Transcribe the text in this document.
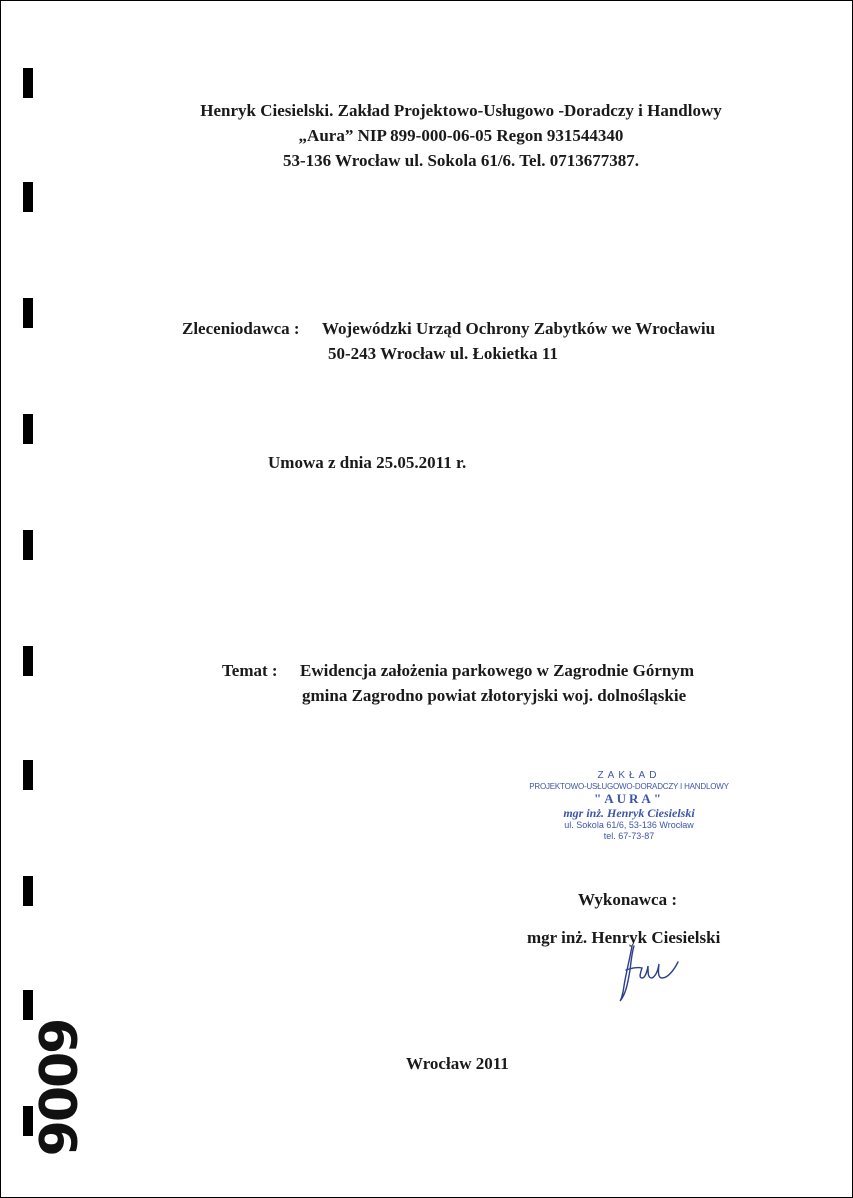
Henryk Ciesielski. Zakład Projektowo-Usługowo -Doradczy i Handlowy
„Aura” NIP 899-000-06-05 Regon 931544340
53-136 Wrocław ul. Sokola 61/6. Tel. 0713677387.
Zleceniodawca : Wojewódzki Urząd Ochrony Zabytków we Wrocławiu
50-243 Wrocław ul. Łokietka 11
Umowa z dnia 25.05.2011 r.
Temat : Ewidencja założenia parkowego w Zagrodnie Górnym
gmina Zagrodno powiat złotoryjski woj. dolnośląskie
ZAKŁAD
PROJEKTOWO-USŁUGOWO-DORADCZY I HANDLOWY
"AURA"
mgr inż. Henryk Ciesielski
ul. Sokola 61/6, 53-136 Wrocław
tel. 67-73-87
Wykonawca :
mgr inż. Henryk Ciesielski
Wrocław 2011
9009
